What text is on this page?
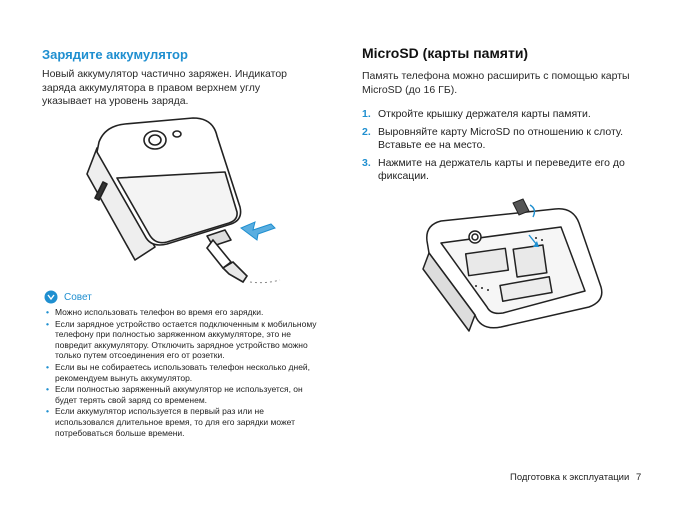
Зарядите аккумулятор
Новый аккумулятор частично заряжен. Индикатор заряда аккумулятора в правом верхнем углу указывает на уровень заряда.
Совет
• Можно использовать телефон во время его зарядки.
• Если зарядное устройство остается подключенным к мобильному телефону при полностью заряженном аккумуляторе, это не повредит аккумулятору. Отключить зарядное устройство можно только путем отсоединения его от розетки.
• Если вы не собираетесь использовать телефон несколько дней, рекомендуем вынуть аккумулятор.
• Если полностью заряженный аккумулятор не используется, он будет терять свой заряд со временем.
• Если аккумулятор используется в первый раз или не использовался длительное время, то для его зарядки может потребоваться больше времени.
MicroSD (карты памяти)
Память телефона можно расширить с помощью карты MicroSD (до 16 ГБ).
1. Откройте крышку держателя карты памяти.
2. Выровняйте карту MicroSD по отношению к слоту. Вставьте ее на место.
3. Нажмите на держатель карты и переведите его до фиксации.
Подготовка к эксплуатации 7
